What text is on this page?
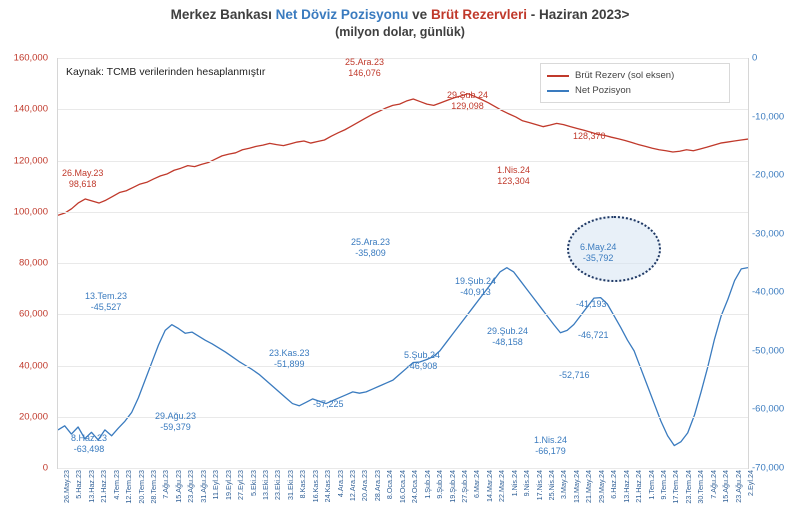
Merkez Bankası Net Döviz Pozisyonu ve Brüt Rezervleri - Haziran 2023>
(milyon dolar, günlük)
Kaynak: TCMB verilerinden hesaplanmıştır	Brüt Rezerv (sol eksen)
Net Pozisyon
0
20,000
40,000
60,000
80,000
100,000
120,000
140,000
160,000
-70,000
-60,000
-50,000
-40,000
-30,000
-20,000
-10,000
0
26.May.23 5.Haz.23 13.Haz.23 21.Haz.23 4.Tem.23 12.Tem.23 20.Tem.23 28.Tem.23 7.Ağu.23 15.Ağu.23 23.Ağu.23 31.Ağu.23 11.Eyl.23 19.Eyl.23 27.Eyl.23 5.Eki.23 13.Eki.23 23.Eki.23 31.Eki.23 8.Kas.23 16.Kas.23 24.Kas.23 4.Ara.23 12.Ara.23 20.Ara.23 28.Ara.23 8.Oca.24 16.Oca.24 24.Oca.24 1.Şub.24 9.Şub.24 19.Şub.24 27.Şub.24 6.Mar.24 14.Mar.24 22.Mar.24 1.Nis.24 9.Nis.24 17.Nis.24 25.Nis.24 3.May.24 13.May.24 21.May.24 29.May.24 6.Haz.24 13.Haz.24 21.Haz.24 1.Tem.24 9.Tem.24 17.Tem.24 23.Tem.24 30.Tem.24 7.Ağu.24 15.Ağu.24 23.Ağu.24 2.Eyl.24
26.May.23
98,618
25.Ara.23
146,076
29.Şub.24
129,098
1.Nis.24
123,304
128,370
8.Haz.23
-63,498
13.Tem.23
-45,527
29.Ağu.23
-59,379
-57,225
23.Kas.23
-51,899
25.Ara.23
-35,809
5.Şub.24
-46,908
19.Şub.24
-40,913
29.Şub.24
-48,158
1.Nis.24
-66,179
-52,716
-41,193
-46,721
6.May.24
-35,792
